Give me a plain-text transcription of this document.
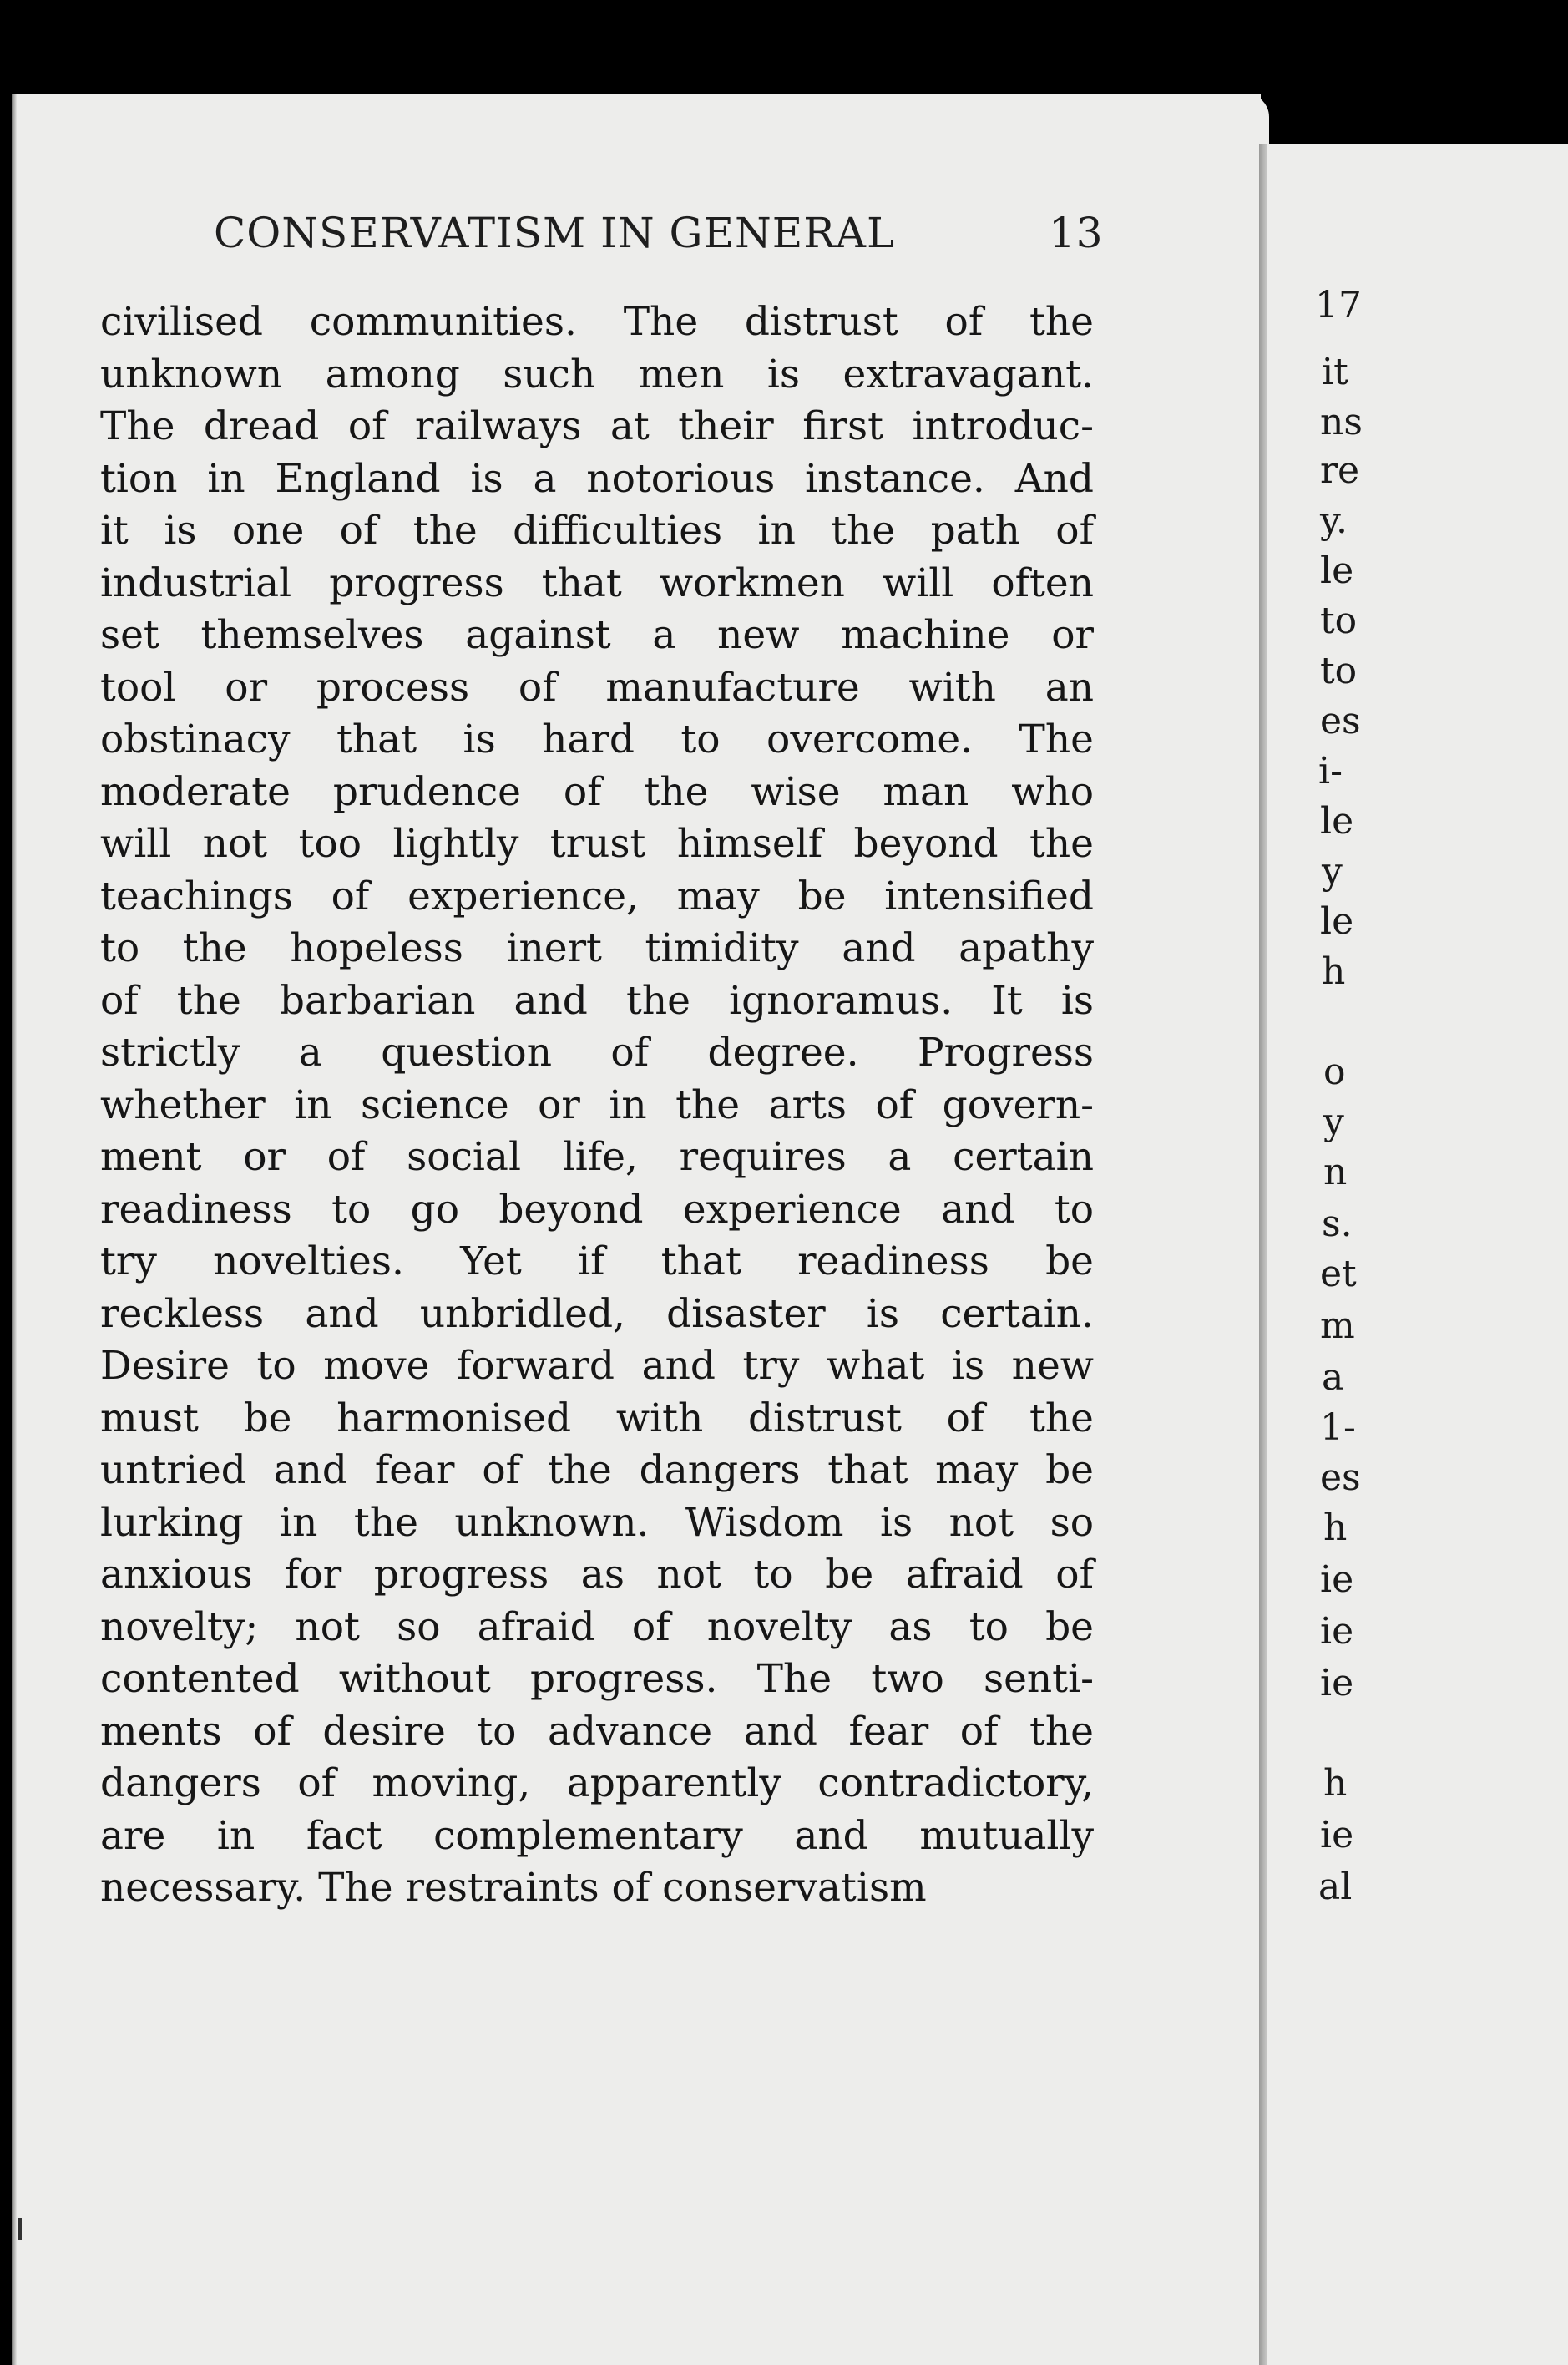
CONSERVATISM IN GENERAL	13
civilised communities. The distrust of the
unknown among such men is extravagant.
The dread of railways at their first introduc-
tion in England is a notorious instance. And
it is one of the difficulties in the path of
industrial progress that workmen will often
set themselves against a new machine or
tool or process of manufacture with an
obstinacy that is hard to overcome. The
moderate prudence of the wise man who
will not too lightly trust himself beyond the
teachings of experience, may be intensified
to the hopeless inert timidity and apathy
of the barbarian and the ignoramus. It is
strictly a question of degree. Progress
whether in science or in the arts of govern-
ment or of social life, requires a certain
readiness to go beyond experience and to
try novelties. Yet if that readiness be
reckless and unbridled, disaster is certain.
Desire to move forward and try what is new
must be harmonised with distrust of the
untried and fear of the dangers that may be
lurking in the unknown. Wisdom is not so
anxious for progress as not to be afraid of
novelty; not so afraid of novelty as to be
contented without progress. The two senti-
ments of desire to advance and fear of the
dangers of moving, apparently contradictory,
are in fact complementary and mutually
necessary. The restraints of conservatism
17
it
ns
re
y.
le
to
to
es
i-
le
y
le
h
o
y
n
s.
et
m
a
1-
es
h
ie
ie
ie
h
ie
al
